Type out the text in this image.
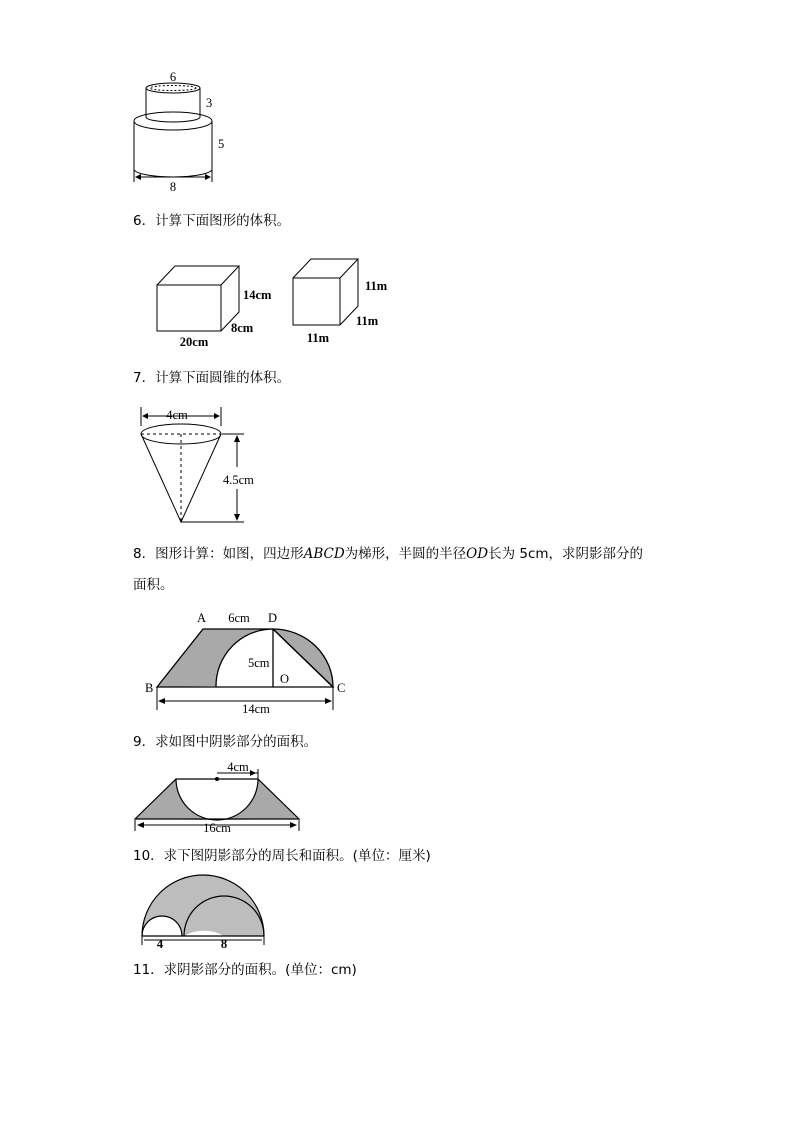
6
3
5
8
6．计算下面图形的体积。
14cm
8cm
20cm
11m
11m
11m
7．计算下面圆锥的体积。
4cm
4.5cm
8．图形计算：如图，四边形ABCD为梯形，半圆的半径OD长为 5cm，求阴影部分的
面积。
A 6cm D
B	C
O
5cm
14cm
9．求如图中阴影部分的面积。
4cm
16cm
10．求下图阴影部分的周长和面积。(单位：厘米)
4	8
11．求阴影部分的面积。(单位：cm)
